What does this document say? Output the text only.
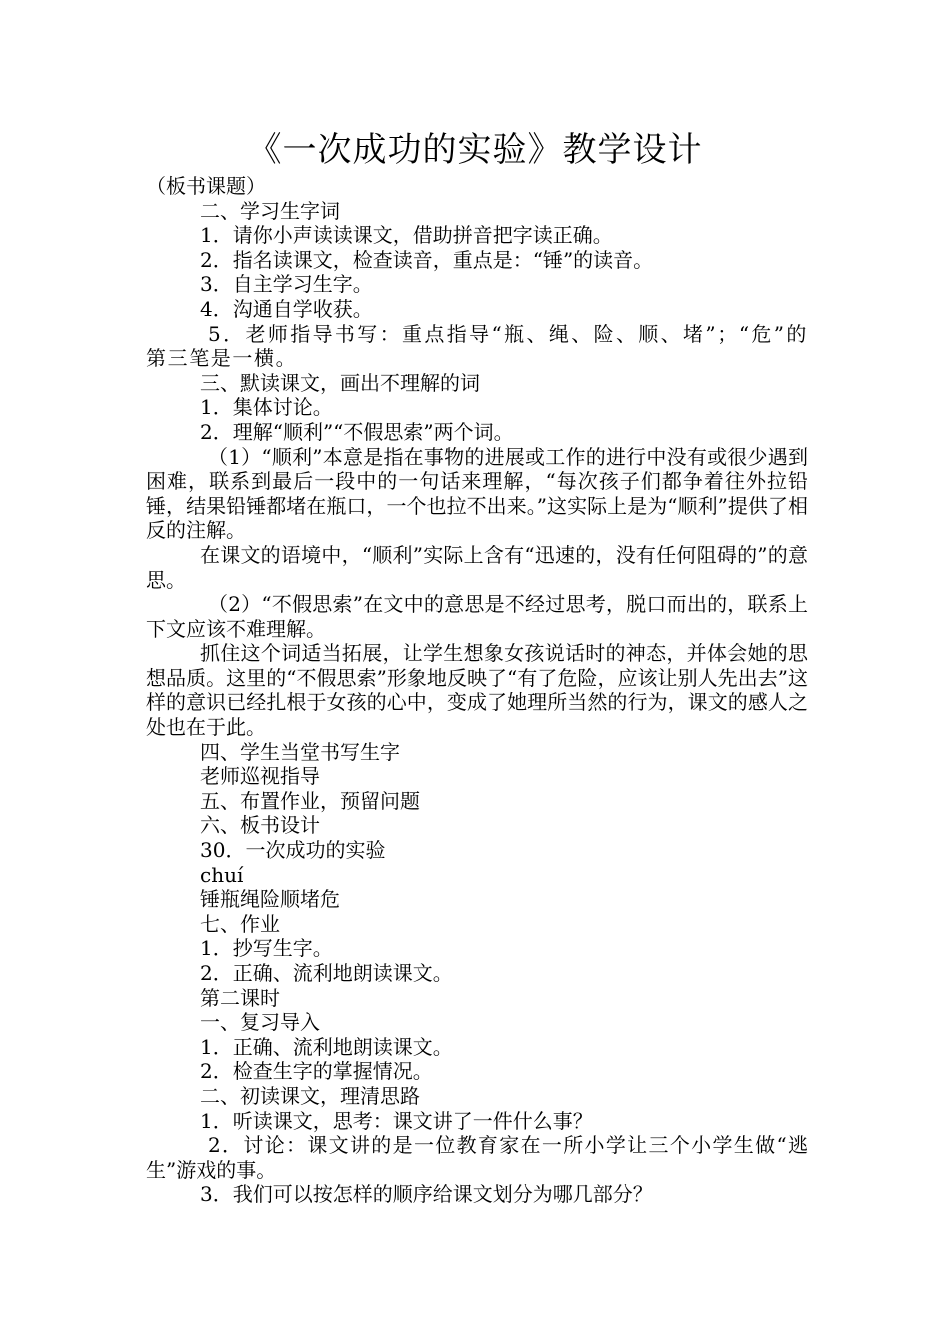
《一次成功的实验》教学设计

（板书课题）

二、学习生字词

1．请你小声读读课文，借助拼音把字读正确。

2．指名读课文，检查读音，重点是：“锤”的读音。

3．自主学习生字。

4．沟通自学收获。

5．老师指导书写：重点指导“瓶、绳、险、顺、堵”；“危”的第三笔是一横。

三、默读课文，画出不理解的词

1．集体讨论。

2．理解“顺利”“不假思索”两个词。

（1）“顺利”本意是指在事物的进展或工作的进行中没有或很少遇到困难，联系到最后一段中的一句话来理解，“每次孩子们都争着往外拉铅锤，结果铅锤都堵在瓶口，一个也拉不出来。”这实际上是为“顺利”提供了相反的注解。

在课文的语境中，“顺利”实际上含有“迅速的，没有任何阻碍的”的意思。

（2）“不假思索”在文中的意思是不经过思考，脱口而出的，联系上下文应该不难理解。

抓住这个词适当拓展，让学生想象女孩说话时的神态，并体会她的思想品质。这里的“不假思索”形象地反映了“有了危险，应该让别人先出去”这样的意识已经扎根于女孩的心中，变成了她理所当然的行为，课文的感人之处也在于此。

四、学生当堂书写生字

老师巡视指导

五、布置作业，预留问题

六、板书设计

30．一次成功的实验

chuí

锤瓶绳险顺堵危

七、作业

1．抄写生字。

2．正确、流利地朗读课文。

第二课时

一、复习导入

1．正确、流利地朗读课文。

2．检查生字的掌握情况。

二、初读课文，理清思路

1．听读课文，思考：课文讲了一件什么事？

2．讨论：课文讲的是一位教育家在一所小学让三个小学生做“逃生”游戏的事。

3．我们可以按怎样的顺序给课文划分为哪几部分？
